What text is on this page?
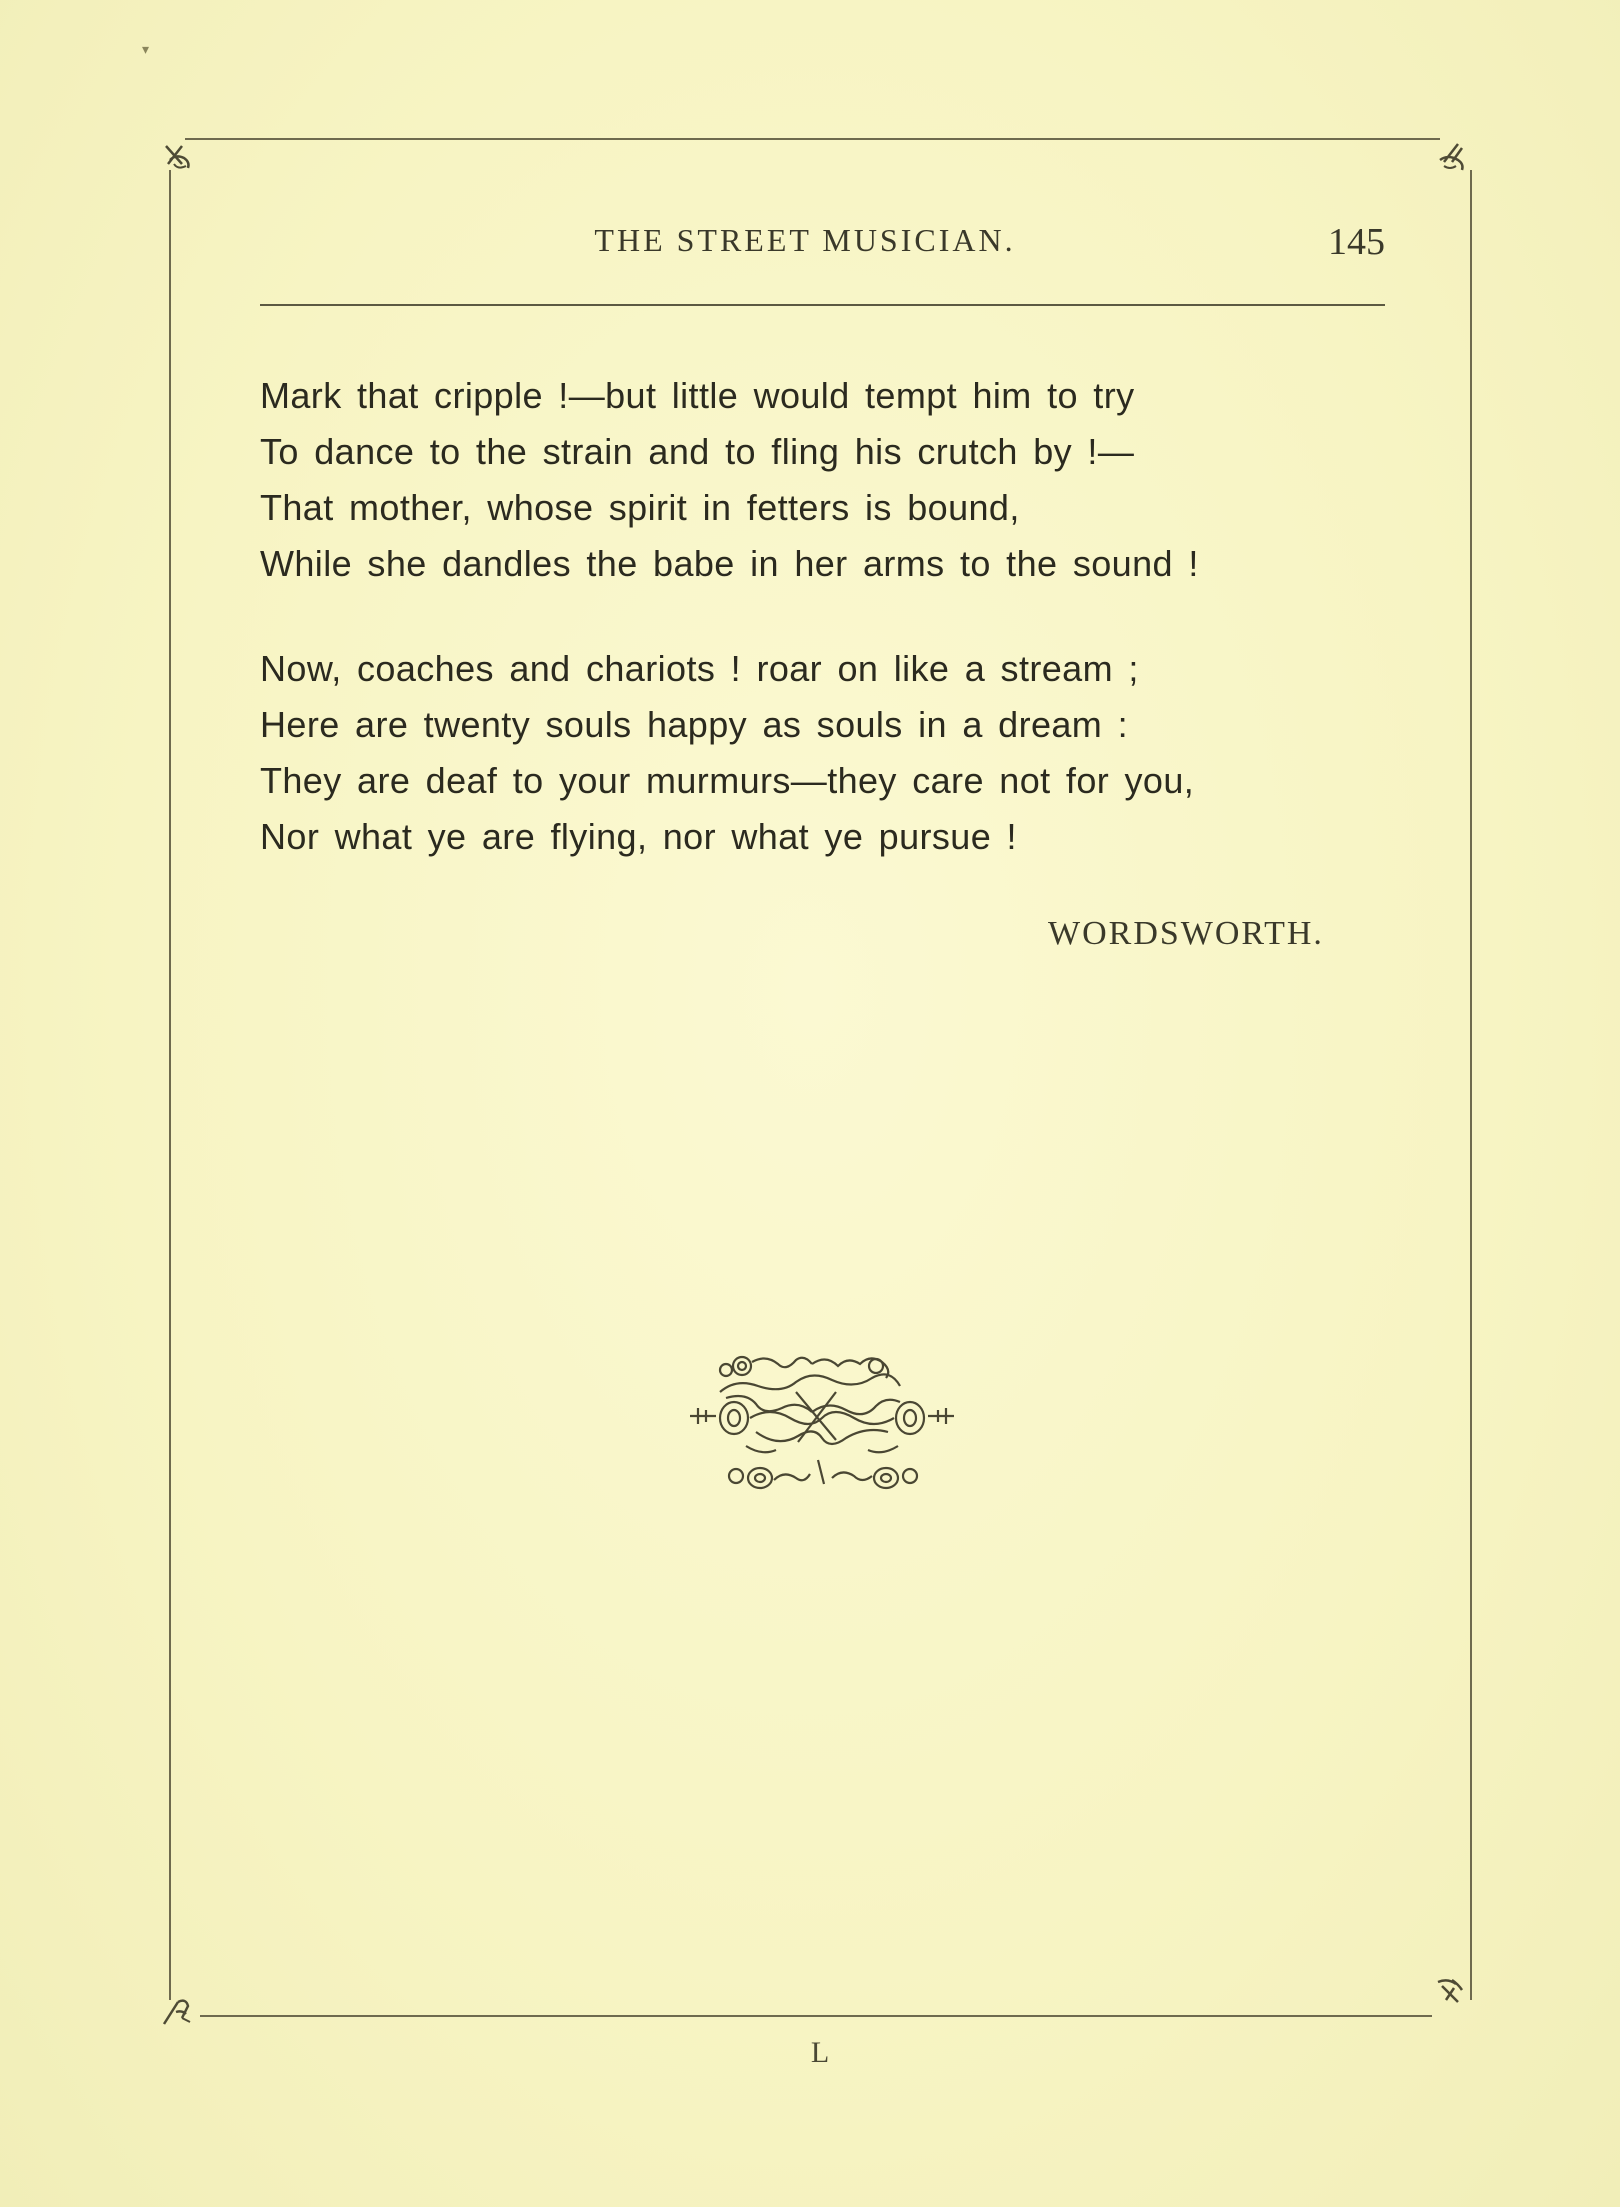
▾
THE STREET MUSICIAN.	145
Mark that cripple !—but little would tempt him to try
To dance to the strain and to fling his crutch by !—
That mother, whose spirit in fetters is bound,
While she dandles the babe in her arms to the sound !
Now, coaches and chariots ! roar on like a stream ;
Here are twenty souls happy as souls in a dream :
They are deaf to your murmurs—they care not for you,
Nor what ye are flying, nor what ye pursue !
WORDSWORTH.
L
